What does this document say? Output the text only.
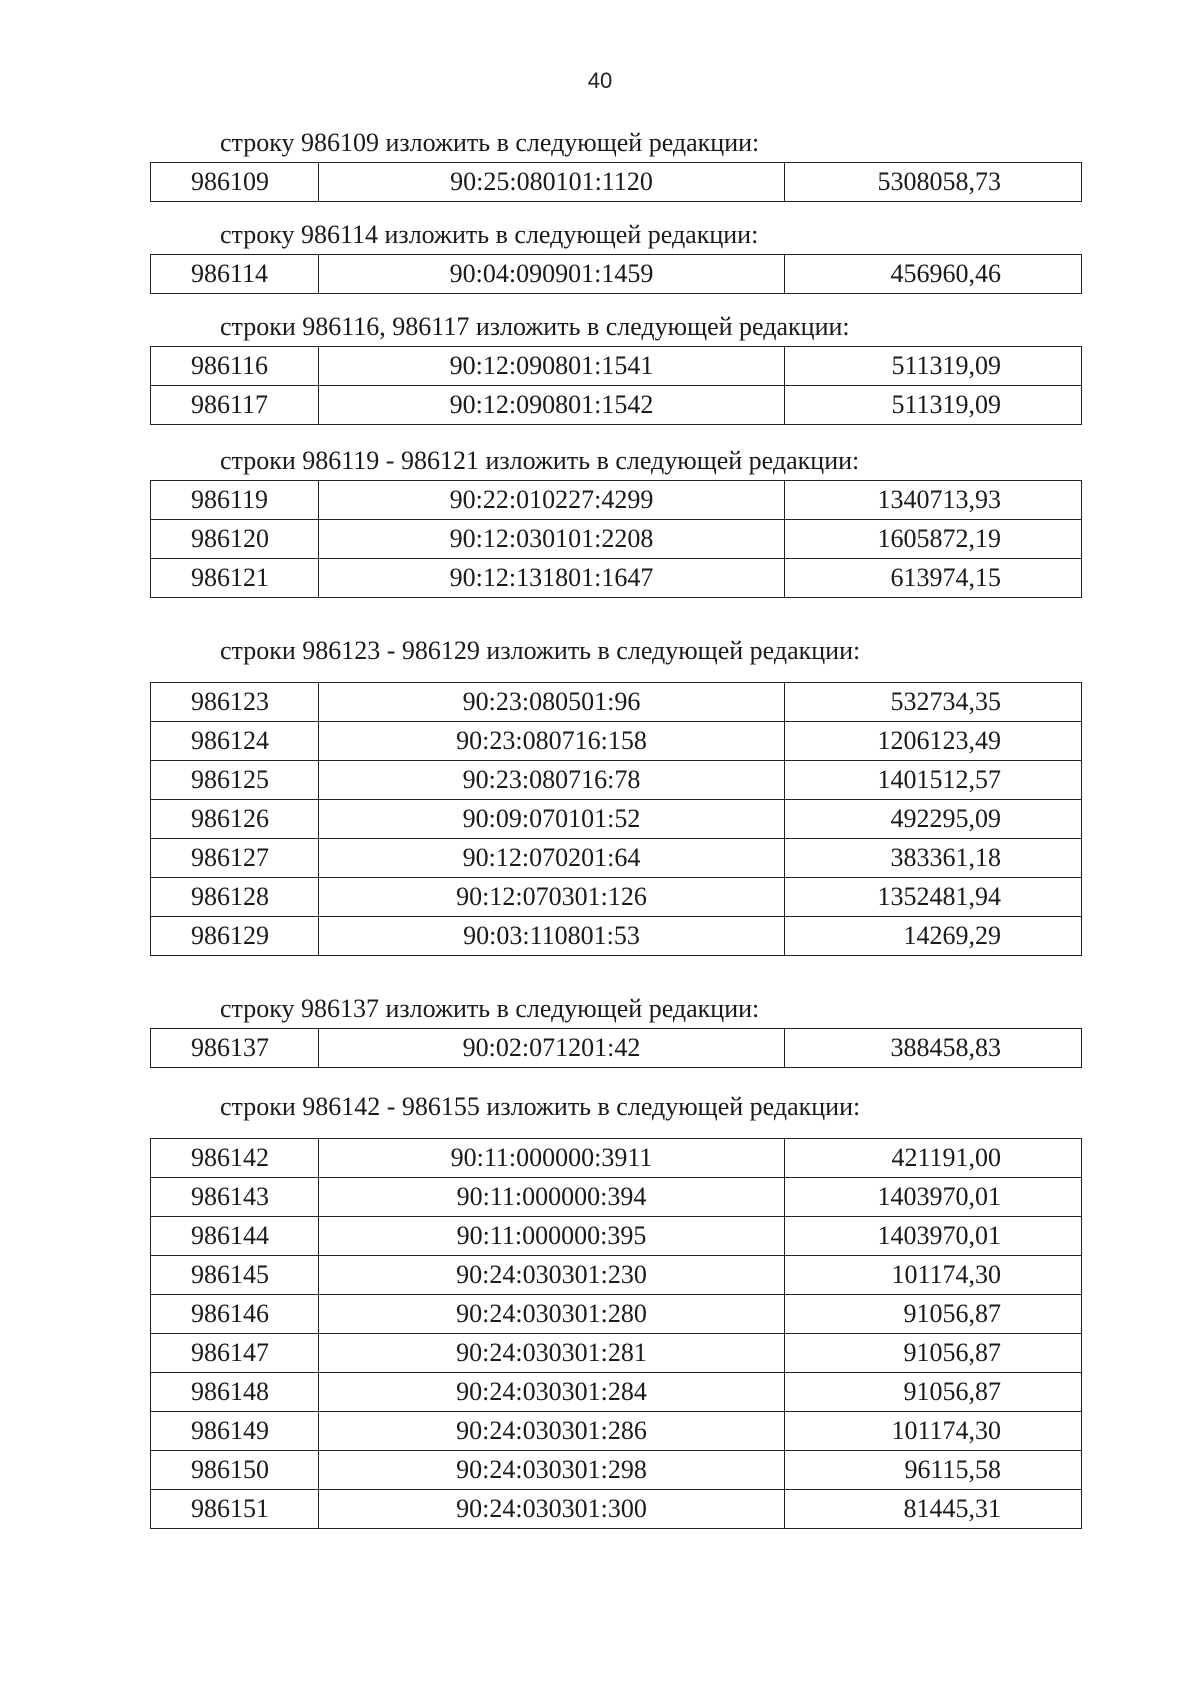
40
строку 986109 изложить в следующей редакции:
986109	90:25:080101:1120	5308058,73
строку 986114 изложить в следующей редакции:
986114	90:04:090901:1459	456960,46
строки 986116, 986117 изложить в следующей редакции:
986116	90:12:090801:1541	511319,09
986117	90:12:090801:1542	511319,09
строки 986119 - 986121 изложить в следующей редакции:
986119	90:22:010227:4299	1340713,93
986120	90:12:030101:2208	1605872,19
986121	90:12:131801:1647	613974,15
строки 986123 - 986129 изложить в следующей редакции:
986123	90:23:080501:96	532734,35
986124	90:23:080716:158	1206123,49
986125	90:23:080716:78	1401512,57
986126	90:09:070101:52	492295,09
986127	90:12:070201:64	383361,18
986128	90:12:070301:126	1352481,94
986129	90:03:110801:53	14269,29
строку 986137 изложить в следующей редакции:
986137	90:02:071201:42	388458,83
строки 986142 - 986155 изложить в следующей редакции:
986142	90:11:000000:3911	421191,00
986143	90:11:000000:394	1403970,01
986144	90:11:000000:395	1403970,01
986145	90:24:030301:230	101174,30
986146	90:24:030301:280	91056,87
986147	90:24:030301:281	91056,87
986148	90:24:030301:284	91056,87
986149	90:24:030301:286	101174,30
986150	90:24:030301:298	96115,58
986151	90:24:030301:300	81445,31
